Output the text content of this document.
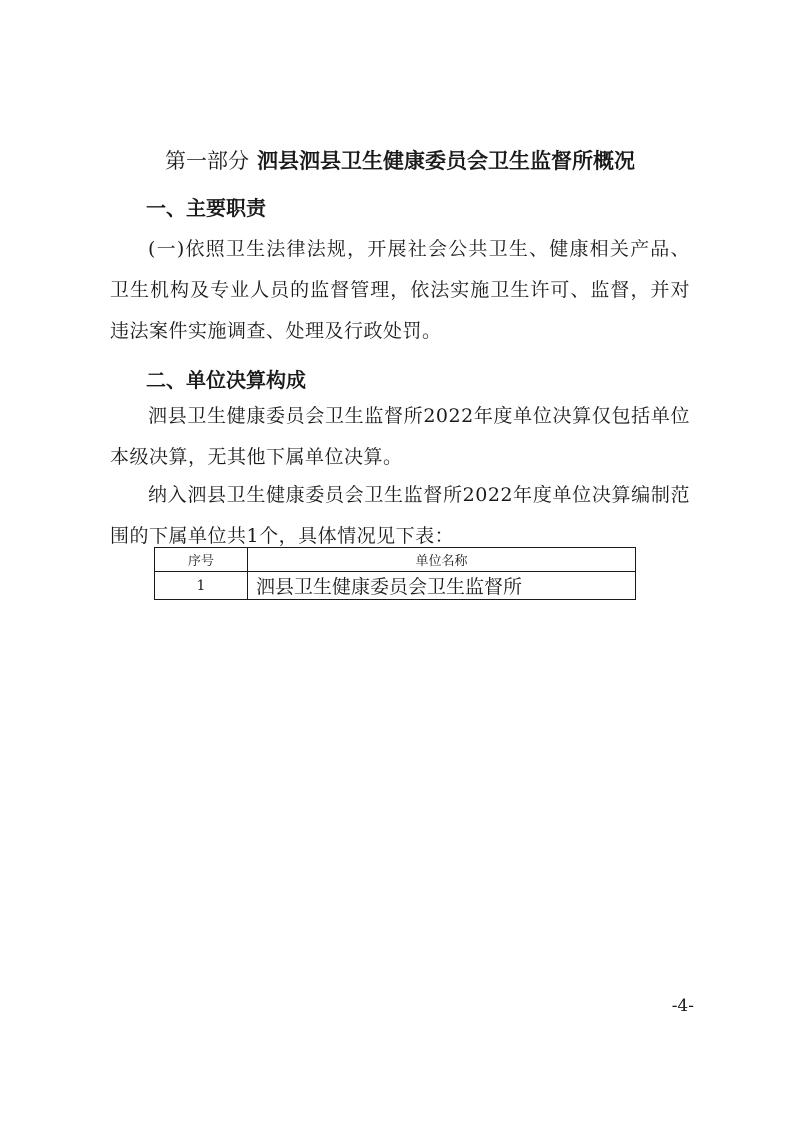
第一部分 泗县泗县卫生健康委员会卫生监督所概况
一、主要职责
(一)依照卫生法律法规，开展社会公共卫生、健康相关产品、卫生机构及专业人员的监督管理，依法实施卫生许可、监督，并对违法案件实施调查、处理及行政处罚。
二、单位决算构成
泗县卫生健康委员会卫生监督所2022年度单位决算仅包括单位本级决算，无其他下属单位决算。
纳入泗县卫生健康委员会卫生监督所2022年度单位决算编制范围的下属单位共1个，具体情况见下表：
序号	单位名称
1	泗县卫生健康委员会卫生监督所
-4-
